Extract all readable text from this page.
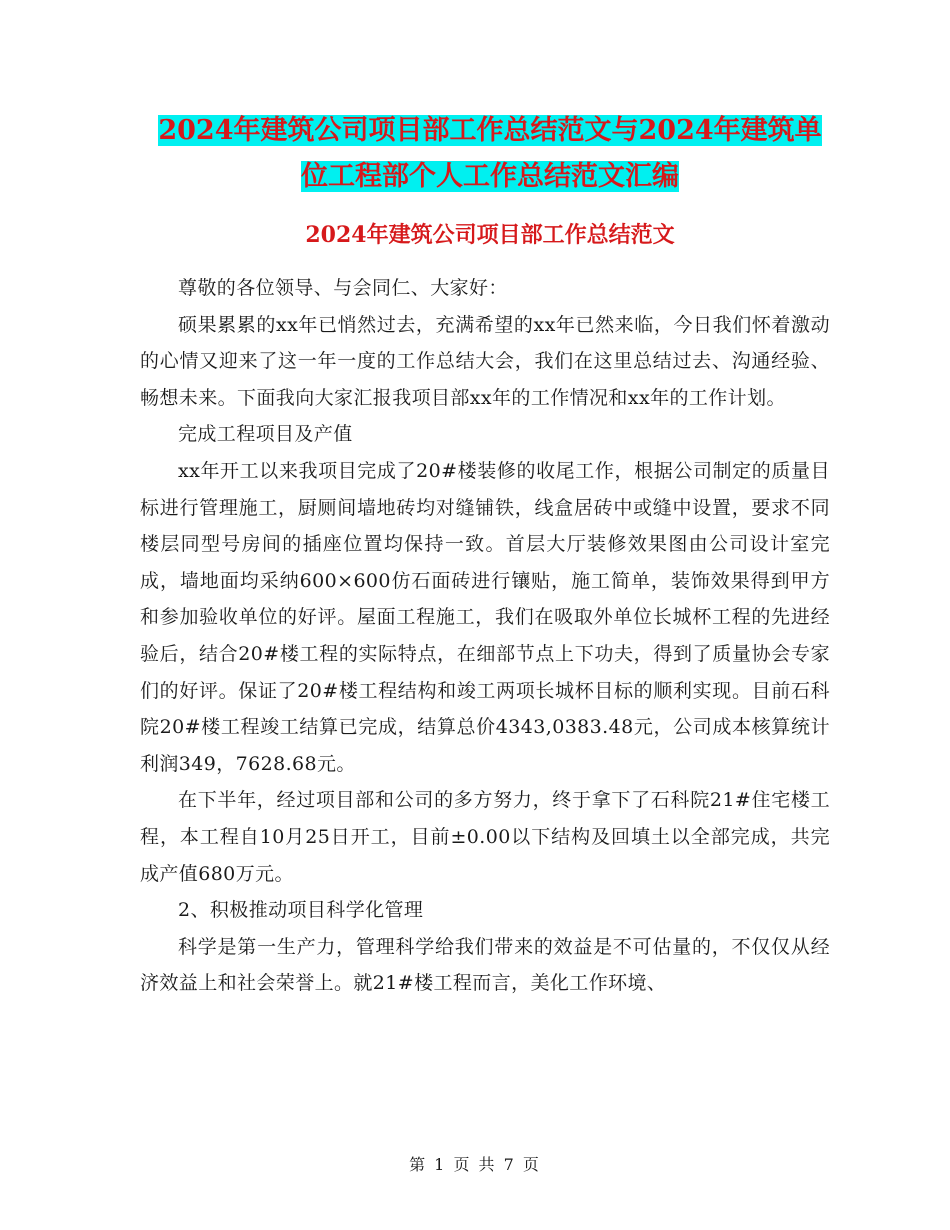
2024年建筑公司项目部工作总结范文与2024年建筑单
位工程部个人工作总结范文汇编
2024年建筑公司项目部工作总结范文

尊敬的各位领导、与会同仁、大家好：

硕果累累的xx年已悄然过去，充满希望的xx年已然来临，今日我们怀着激动的心情又迎来了这一年一度的工作总结大会，我们在这里总结过去、沟通经验、畅想未来。下面我向大家汇报我项目部xx年的工作情况和xx年的工作计划。

完成工程项目及产值

xx年开工以来我项目完成了20#楼装修的收尾工作，根据公司制定的质量目标进行管理施工，厨厕间墙地砖均对缝铺铁，线盒居砖中或缝中设置，要求不同楼层同型号房间的插座位置均保持一致。首层大厅装修效果图由公司设计室完成，墙地面均采纳600×600仿石面砖进行镶贴，施工简单，装饰效果得到甲方和参加验收单位的好评。屋面工程施工，我们在吸取外单位长城杯工程的先进经验后，结合20#楼工程的实际特点，在细部节点上下功夫，得到了质量协会专家们的好评。保证了20#楼工程结构和竣工两项长城杯目标的顺利实现。目前石科院20#楼工程竣工结算已完成，结算总价4343,0383.48元，公司成本核算统计利润349，7628.68元。

在下半年，经过项目部和公司的多方努力，终于拿下了石科院21#住宅楼工程，本工程自10月25日开工，目前±0.00以下结构及回填土以全部完成，共完成产值680万元。

2、积极推动项目科学化管理

科学是第一生产力，管理科学给我们带来的效益是不可估量的，不仅仅从经济效益上和社会荣誉上。就21#楼工程而言，美化工作环境、

第 1 页 共 7 页
